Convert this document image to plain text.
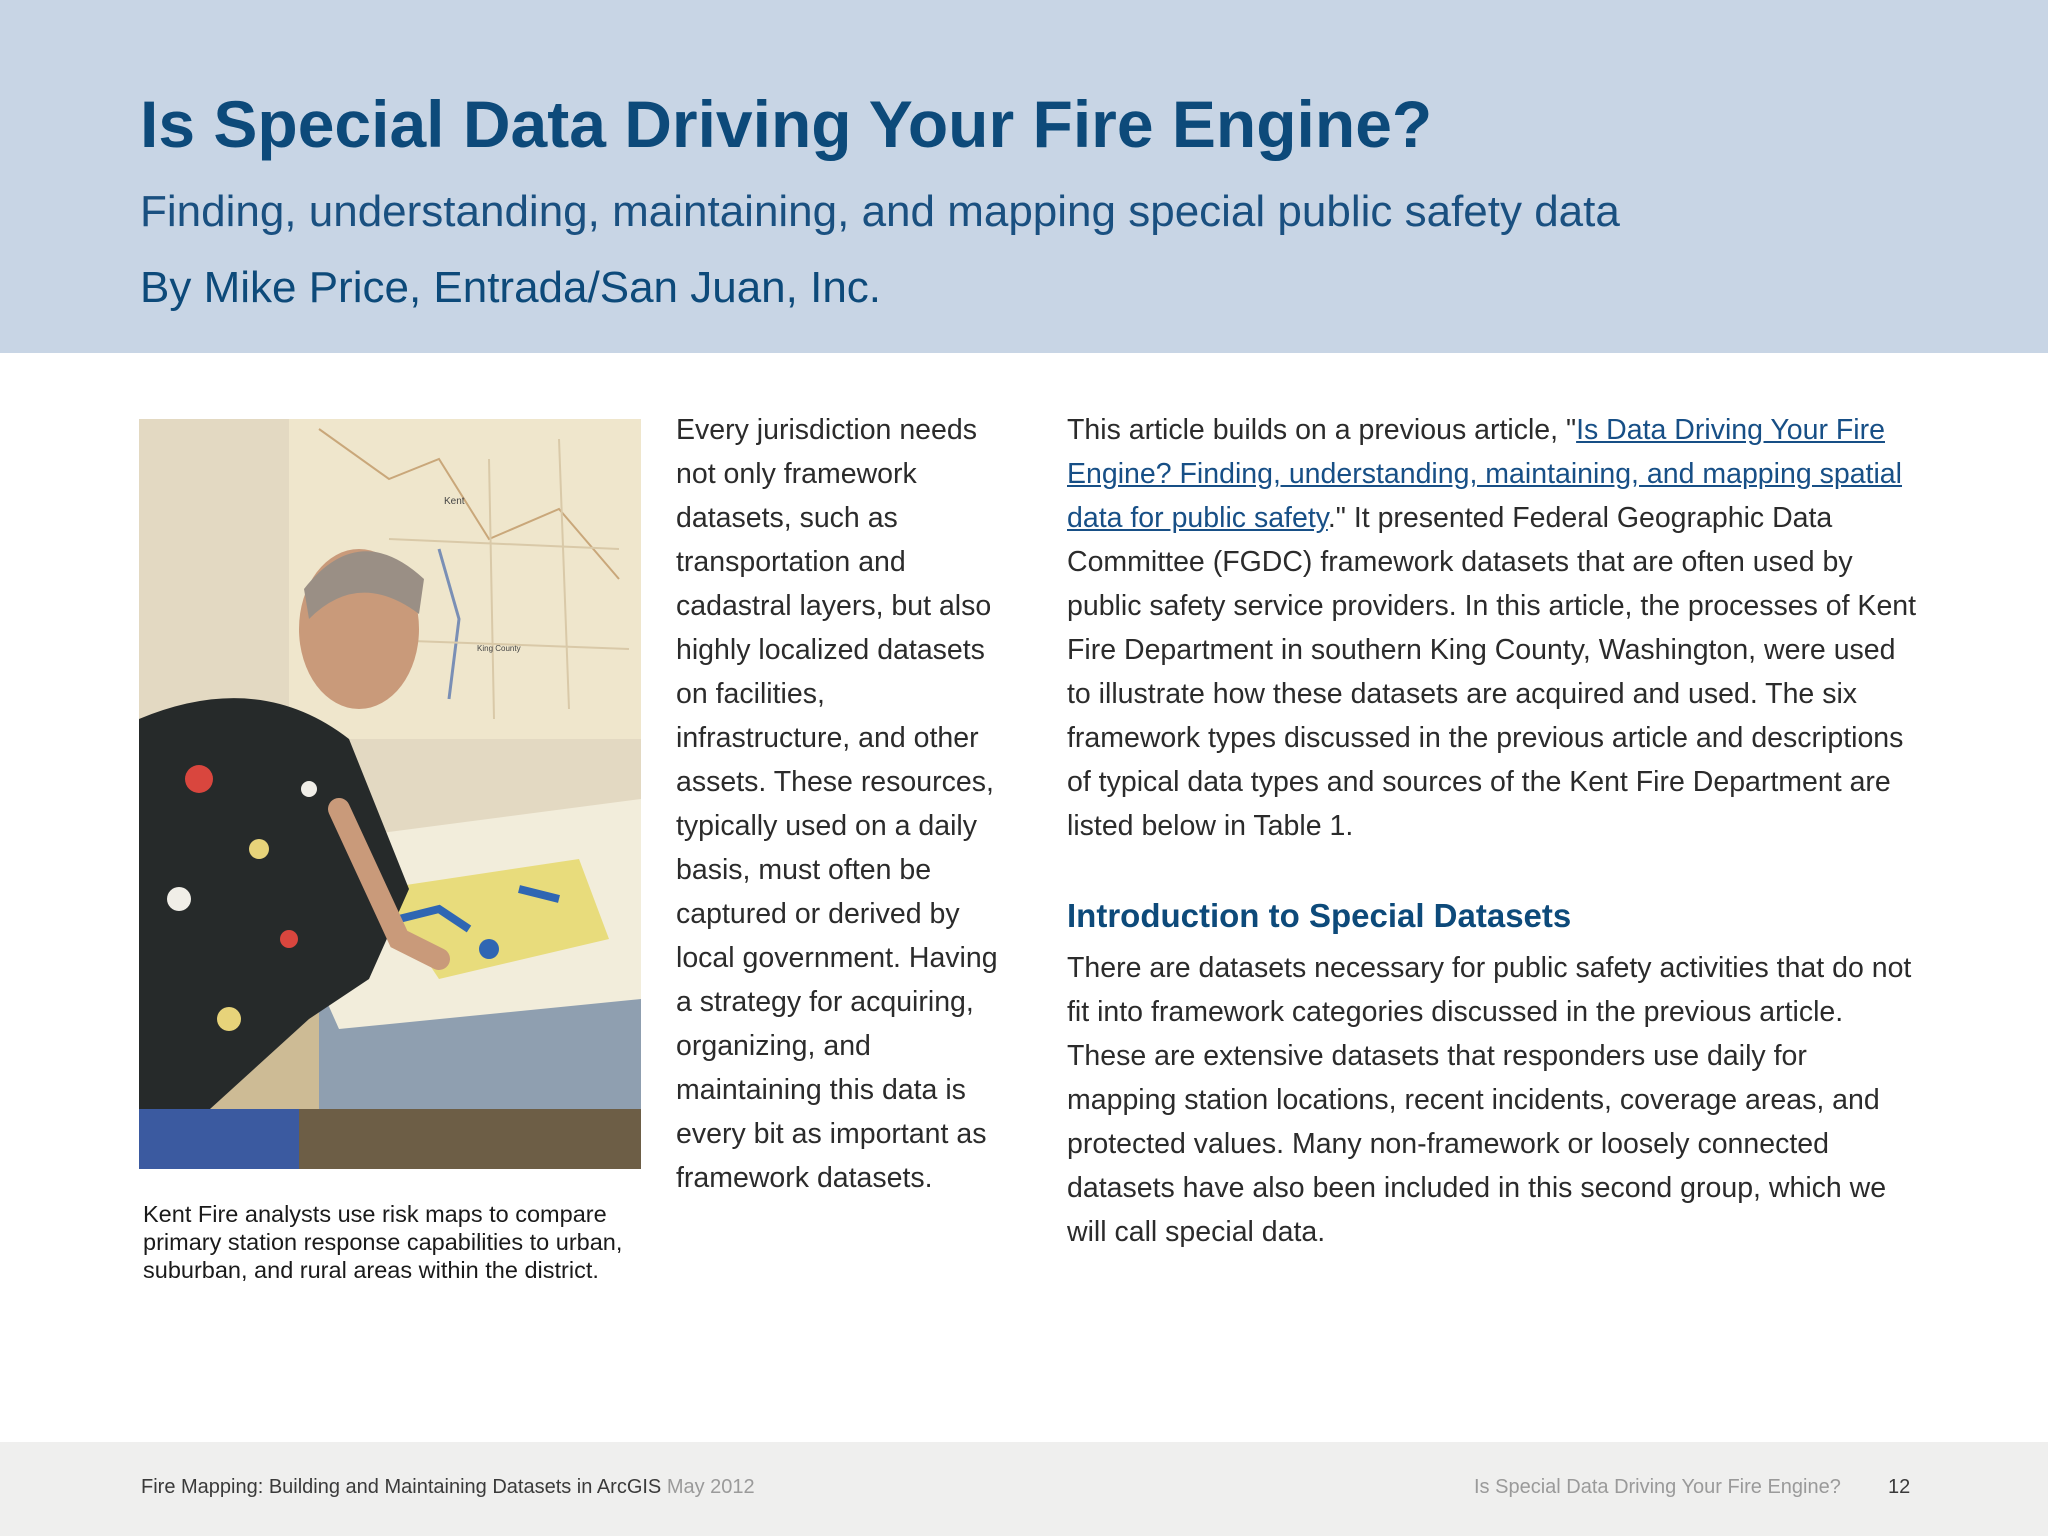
Is Special Data Driving Your Fire Engine?
Finding, understanding, maintaining, and mapping special public safety data
By Mike Price, Entrada/San Juan, Inc.
Kent
King County
Kent Fire analysts use risk maps to compare primary station response capabilities to urban, suburban, and rural areas within the district.
Every jurisdiction needs not only framework datasets, such as transportation and cadastral layers, but also highly localized datasets on facilities, infrastructure, and other assets. These resources, typically used on a daily basis, must often be captured or derived by local government. Having a strategy for acquiring, organizing, and maintaining this data is every bit as important as framework datasets.

This article builds on a previous article, "Is Data Driving Your Fire Engine? Finding, understanding, maintaining, and mapping spatial data for public safety." It presented Federal Geographic Data Committee (FGDC) framework datasets that are often used by public safety service providers. In this article, the processes of Kent Fire Department in southern King County, Washington, were used to illustrate how these datasets are acquired and used. The six framework types discussed in the previous article and descriptions of typical data types and sources of the Kent Fire Department are listed below in Table 1.

Introduction to Special Datasets

There are datasets necessary for public safety activities that do not fit into framework categories discussed in the previous article. These are extensive datasets that responders use daily for mapping station locations, recent incidents, coverage areas, and protected values. Many non-framework or loosely connected datasets have also been included in this second group, which we will call special data.

Fire Mapping: Building and Maintaining Datasets in ArcGIS May 2012	Is Special Data Driving Your Fire Engine? 12
